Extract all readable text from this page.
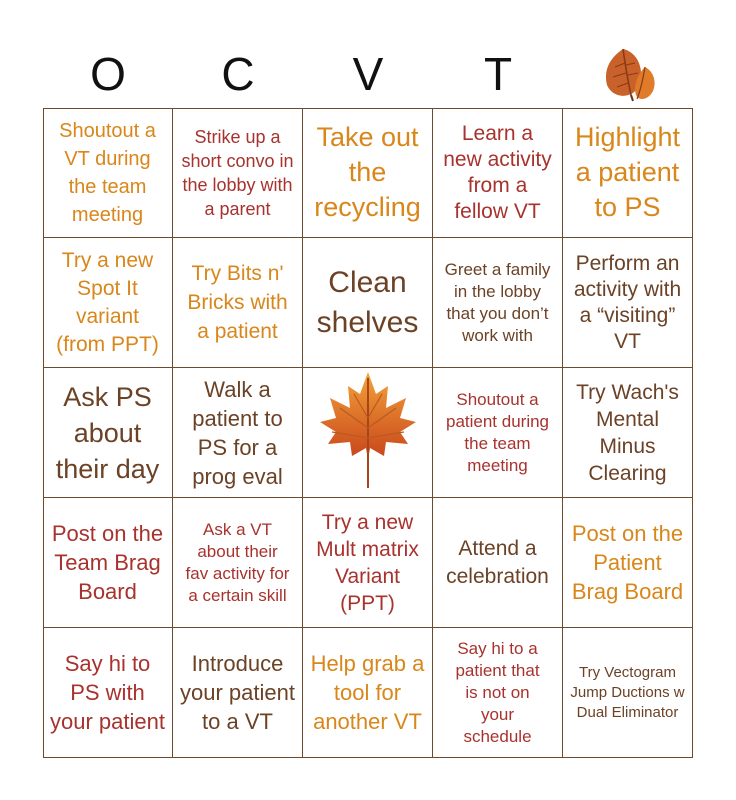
O	C	V	T
Shoutout a VT during the team meeting
Strike up a short convo in the lobby with a parent
Take out the recycling
Learn a new activity from a fellow VT
Highlight a patient to PS
Try a new Spot It variant (from PPT)
Try Bits n' Bricks with a patient
Clean shelves
Greet a family in the lobby that you don’t work with
Perform an activity with a “visiting” VT
Ask PS about their day
Walk a patient to PS for a prog eval
Shoutout a patient during the team meeting
Try Wach's Mental Minus Clearing
Post on the Team Brag Board
Ask a VT about their fav activity for a certain skill
Try a new Mult matrix Variant (PPT)
Attend a celebration
Post on the Patient Brag Board
Say hi to PS with your patient
Introduce your patient to a VT
Help grab a tool for another VT
Say hi to a patient that is not on your schedule
Try Vectogram Jump Ductions w Dual Eliminator
